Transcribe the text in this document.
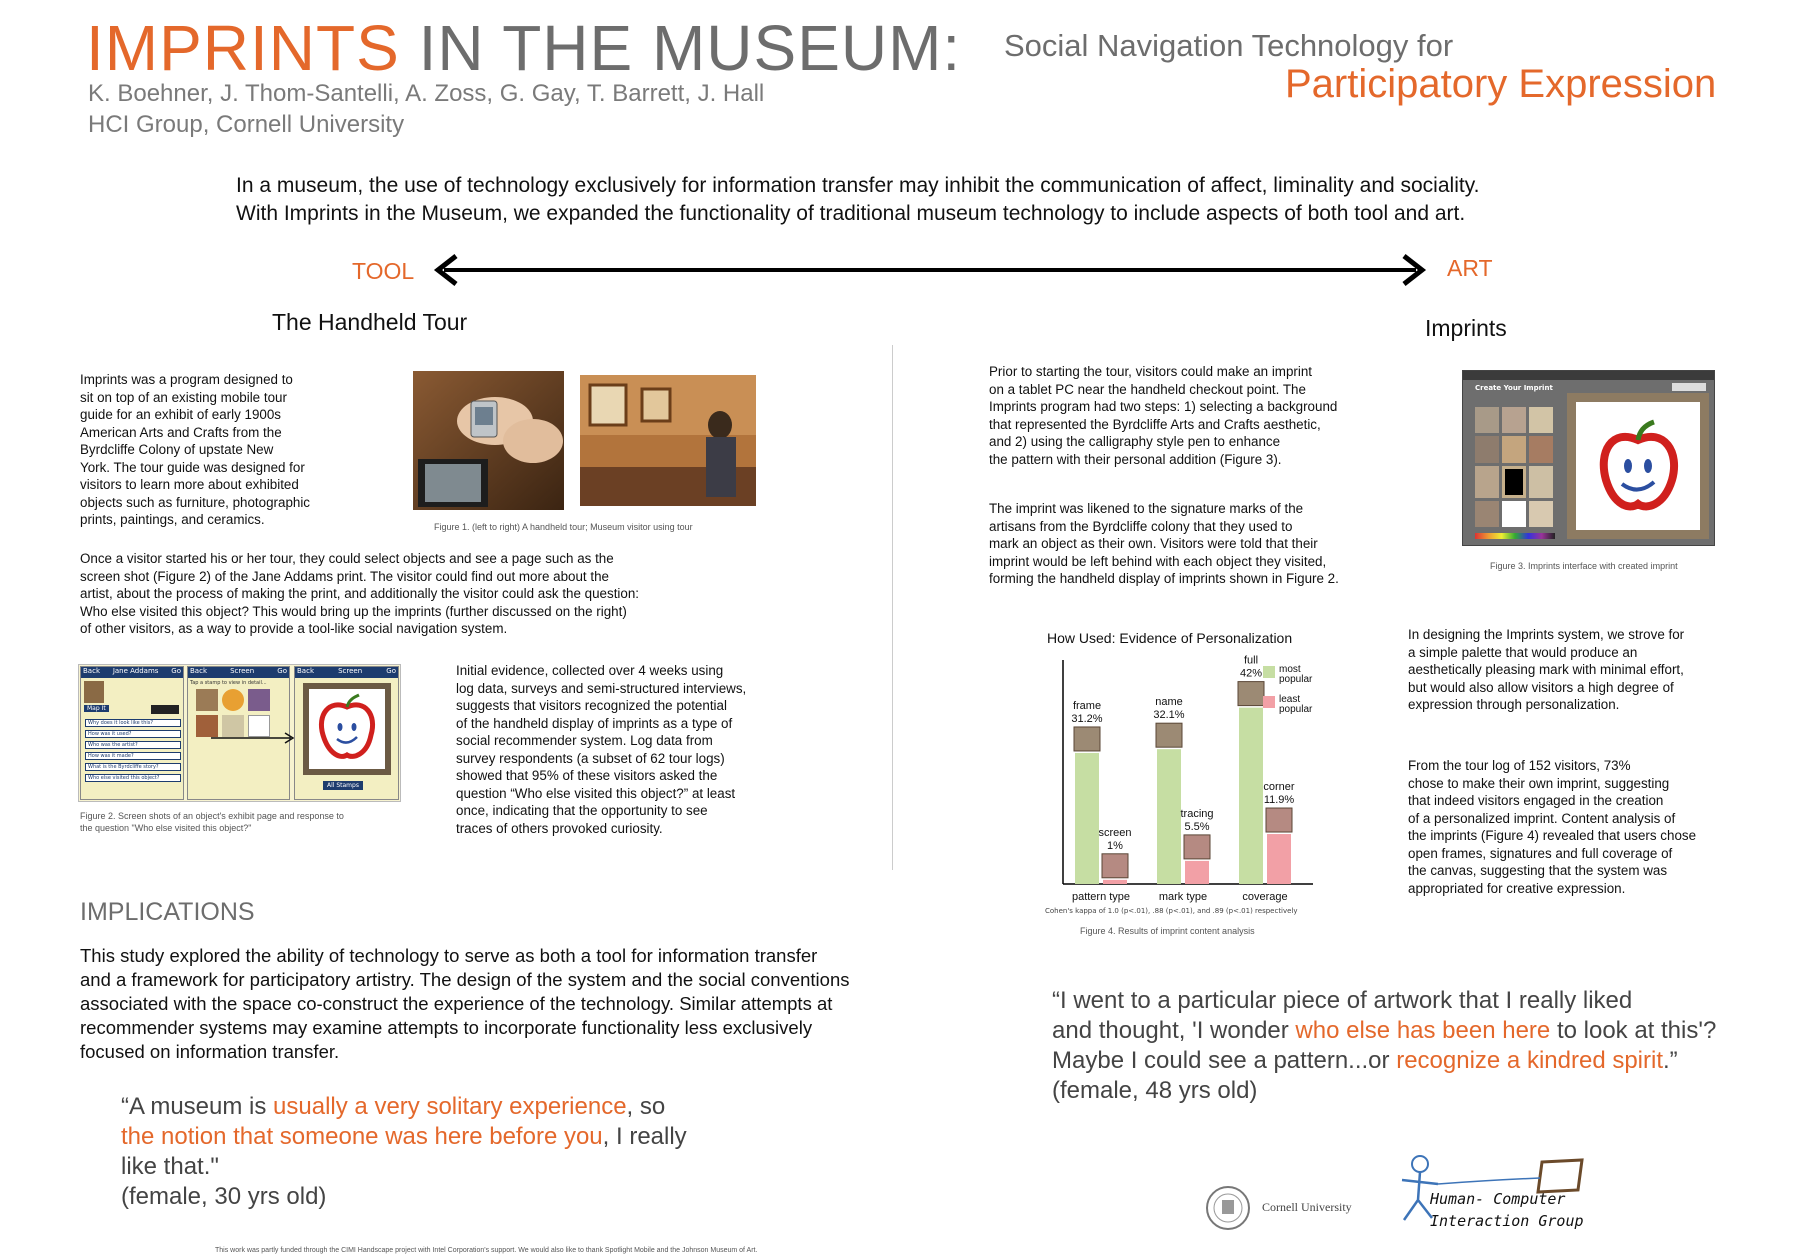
IMPRINTS IN THE MUSEUM: Social Navigation Technology for
Participatory Expression
K. Boehner, J. Thom-Santelli, A. Zoss, G. Gay, T. Barrett, J. Hall
HCI Group, Cornell University

In a museum, the use of technology exclusively for information transfer may inhibit the communication of affect, liminality and sociality.

With Imprints in the Museum, we expanded the functionality of traditional museum technology to include aspects of both tool and art.

TOOL	ART
The Handheld Tour	Imprints
Imprints was a program designed to
sit on top of an existing mobile tour
guide for an exhibit of early 1900s
American Arts and Crafts from the
Byrdcliffe Colony of upstate New
York. The tour guide was designed for
visitors to learn more about exhibited
objects such as furniture, photographic
prints, paintings, and ceramics.	Figure 1. (left to right) A handheld tour; Museum visitor using tour
Once a visitor started his or her tour, they could select objects and see a page such as the
screen shot (Figure 2) of the Jane Addams print. The visitor could find out more about the
artist, about the process of making the print, and additionally the visitor could ask the question:
Who else visited this object? This would bring up the imprints (further discussed on the right)
of other visitors, as a way to provide a tool-like social navigation system.
Back Jane Addams Go
Map It
Why does it look like this?
How was it used?
Who was the artist?
How was it made?
What is the Byrdcliffe story?
Who else visited this object?
Back	Screen	Go
Tap a stamp to view in detail...
Back	Screen	Go
All Stamps
Figure 2. Screen shots of an object's exhibit page and response to
the question "Who else visited this object?"
Initial evidence, collected over 4 weeks using
log data, surveys and semi-structured interviews,
suggests that visitors recognized the potential
of the handheld display of imprints as a type of
social recommender system. Log data from
survey respondents (a subset of 62 tour logs)
showed that 95% of these visitors asked the
question “Who else visited this object?” at least
once, indicating that the opportunity to see
traces of others provoked curiosity.
Prior to starting the tour, visitors could make an imprint
on a tablet PC near the handheld checkout point. The
Imprints program had two steps: 1) selecting a background
that represented the Byrdcliffe Arts and Crafts aesthetic,
and 2) using the calligraphy style pen to enhance
the pattern with their personal addition (Figure 3).
The imprint was likened to the signature marks of the
artisans from the Byrdcliffe colony that they used to
mark an object as their own. Visitors were told that their
imprint would be left behind with each object they visited,
forming the handheld display of imprints shown in Figure 2.
Create Your Imprint
Figure 3. Imprints interface with created imprint
In designing the Imprints system, we strove for
a simple palette that would produce an
aesthetically pleasing mark with minimal effort,
but would also allow visitors a high degree of
expression through personalization.
From the tour log of 152 visitors, 73%
chose to make their own imprint, suggesting
that indeed visitors engaged in the creation
of a personalized imprint. Content analysis of
the imprints (Figure 4) revealed that users chose
open frames, signatures and full coverage of
the canvas, suggesting that the system was
appropriated for creative expression.
How Used: Evidence of Personalization
frame
31.2%
screen
1%
pattern type
name
32.1%
tracing
5.5%
mark type
full
42%
corner
11.9%
coverage
most
popular
least
popular
Cohen's kappa of 1.0 (p<.01), .88 (p<.01), and .89 (p<.01) respectively
Figure 4. Results of imprint content analysis
IMPLICATIONS

This study explored the ability of technology to serve as both a tool for information transfer

and a framework for participatory artistry. The design of the system and the social conventions

associated with the space co-construct the experience of the technology. Similar attempts at

recommender systems may examine attempts to incorporate functionality less exclusively

focused on information transfer.

“A museum is usually a very solitary experience, so
the notion that someone was here before you, I really
like that."
(female, 30 yrs old)
“I went to a particular piece of artwork that I really liked
and thought, 'I wonder who else has been here to look at this'?
Maybe I could see a pattern...or recognize a kindred spirit.”
(female, 48 yrs old)
Cornell University	Human- Computer
Interaction Group
This work was partly funded through the CIMI Handscape project with Intel Corporation's support. We would also like to thank Spotlight Mobile and the Johnson Museum of Art.
